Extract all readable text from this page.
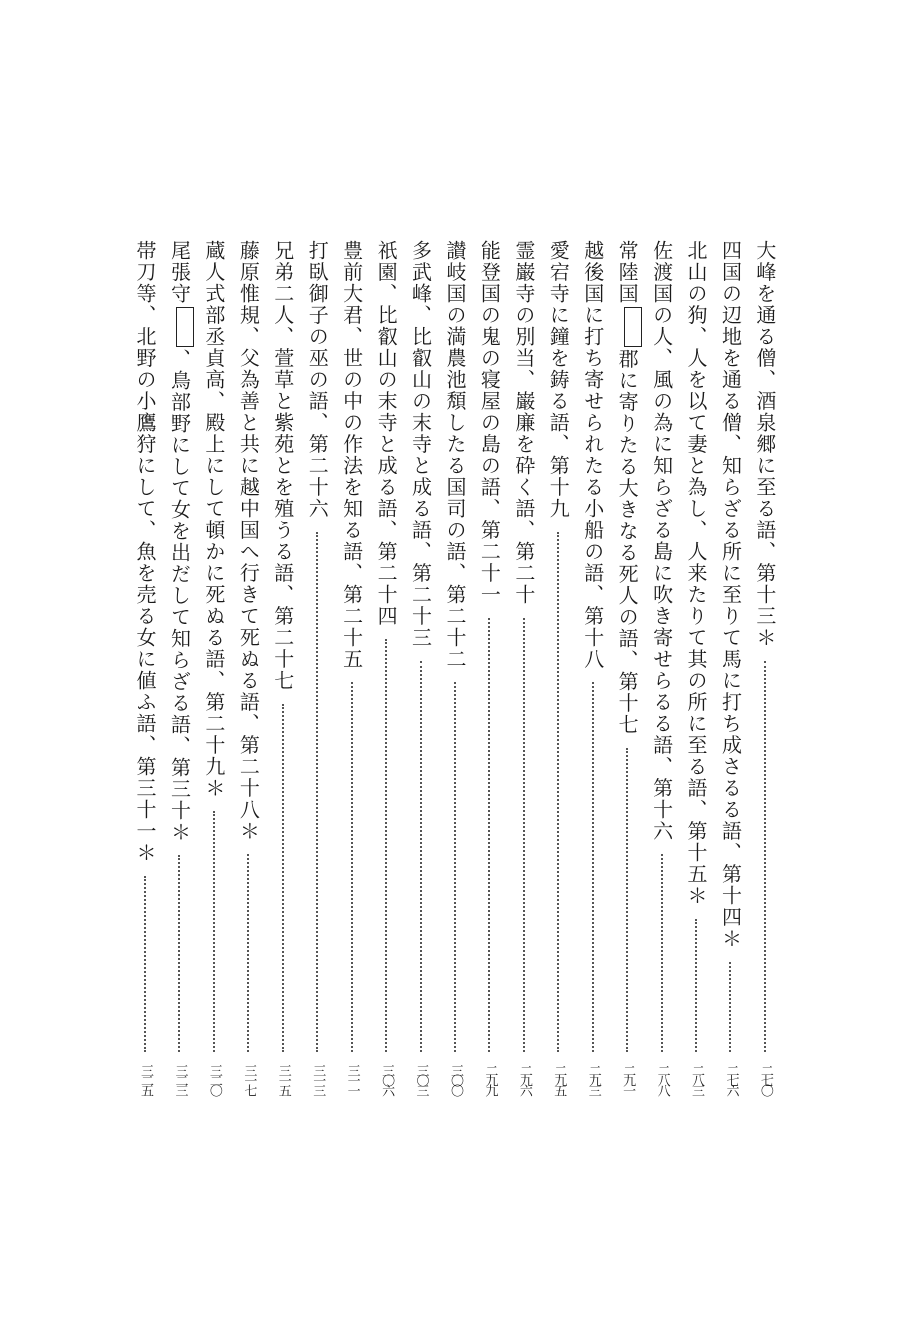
大峰を通る僧、酒泉郷に至る語、第十三＊
二七〇
四国の辺地を通る僧、知らざる所に至りて馬に打ち成さるる語、第十四＊
二七六
北山の狗、人を以て妻と為し、人来たりて其の所に至る語、第十五＊
二八三
佐渡国の人、風の為に知らざる島に吹き寄せらるる語、第十六
二八八
常陸国郡に寄りたる大きなる死人の語、第十七
二九一
越後国に打ち寄せられたる小船の語、第十八
二九三
愛宕寺に鐘を鋳る語、第十九
二九五
霊巌寺の別当、巌廉を砕く語、第二十
二九六
能登国の鬼の寝屋の島の語、第二十一
二九九
讃岐国の満農池頽したる国司の語、第二十二
三〇〇
多武峰、比叡山の末寺と成る語、第二十三
三〇三
祇園、比叡山の末寺と成る語、第二十四
三〇六
豊前大君、世の中の作法を知る語、第二十五
三一一
打臥御子の巫の語、第二十六
三一三
兄弟二人、萱草と紫苑とを殖うる語、第二十七
三一五
藤原惟規、父為善と共に越中国へ行きて死ぬる語、第二十八＊
三一七
蔵人式部丞貞高、殿上にして頓かに死ぬる語、第二十九＊
三二〇
尾張守、鳥部野にして女を出だして知らざる語、第三十＊
三二三
帯刀等、北野の小鷹狩にして、魚を売る女に値ふ語、第三十一＊
三二五
